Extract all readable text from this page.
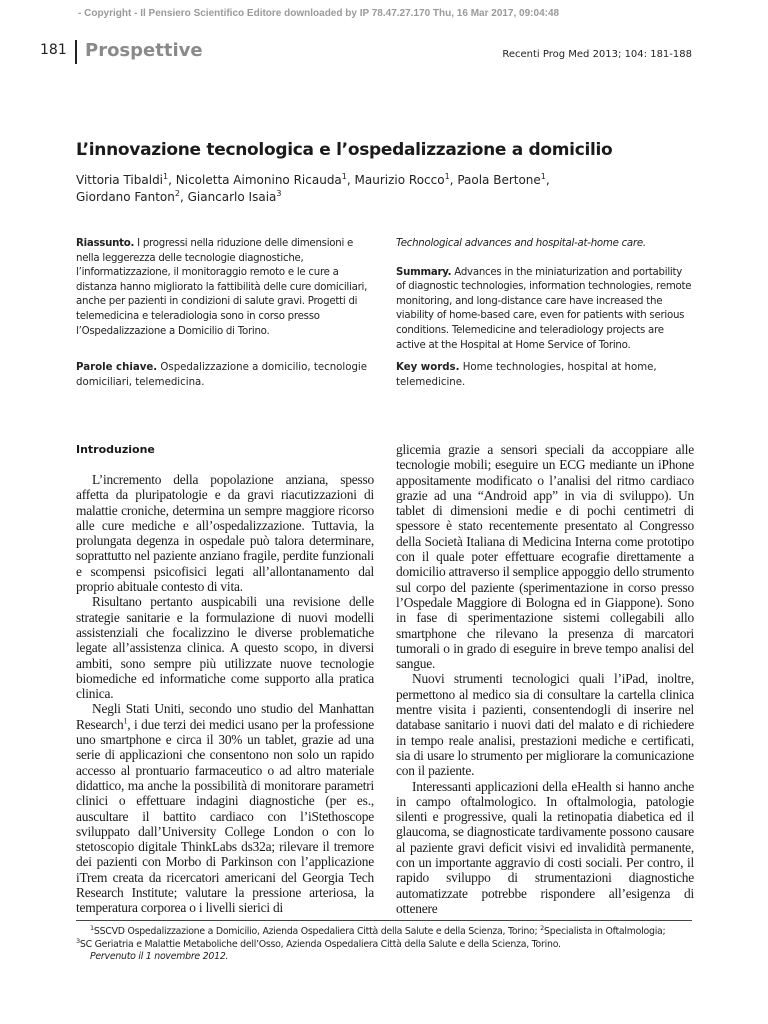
- Copyright - Il Pensiero Scientifico Editore downloaded by IP 78.47.27.170 Thu, 16 Mar 2017, 09:04:48
181 Prospettive	Recenti Prog Med 2013; 104: 181-188
L’innovazione tecnologica e l’ospedalizzazione a domicilio
Vittoria Tibaldi$^1$, Nicoletta Aimonino Ricauda$^1$, Maurizio Rocco$^1$, Paola Bertone$^1$,
Giordano Fanton$^2$, Giancarlo Isaia$^3$

Riassunto. I progressi nella riduzione delle dimensioni e nella leggerezza delle tecnologie diagnostiche, l’informatizzazione, il monitoraggio remoto e le cure a distanza hanno migliorato la fattibilità delle cure domiciliari, anche per pazienti in condizioni di salute gravi. Progetti di telemedicina e teleradiologia sono in corso presso l’Ospedalizzazione a Domicilio di Torino.

Parole chiave. Ospedalizzazione a domicilio, tecnologie domiciliari, telemedicina.

Technological advances and hospital-at-home care.

Summary. Advances in the miniaturization and portability of diagnostic technologies, information technologies, remote monitoring, and long-distance care have increased the viability of home-based care, even for patients with serious conditions. Telemedicine and teleradiology projects are active at the Hospital at Home Service of Torino.

Key words. Home technologies, hospital at home, telemedicine.

Introduzione

L’incremento della popolazione anziana, spesso affetta da pluripatologie e da gravi riacutizzazioni di malattie croniche, determina un sempre maggiore ricorso alle cure mediche e all’ospedalizzazione. Tuttavia, la prolungata degenza in ospedale può talora determinare, soprattutto nel paziente anziano fragile, perdite funzionali e scompensi psicofisici legati all’allontanamento dal proprio abituale contesto di vita.

Risultano pertanto auspicabili una revisione delle strategie sanitarie e la formulazione di nuovi modelli assistenziali che focalizzino le diverse problematiche legate all’assistenza clinica. A questo scopo, in diversi ambiti, sono sempre più utilizzate nuove tecnologie biomediche ed informatiche come supporto alla pratica clinica.

Negli Stati Uniti, secondo uno studio del Manhattan Research$^1$, i due terzi dei medici usano per la professione uno smartphone e circa il 30% un tablet, grazie ad una serie di applicazioni che consentono non solo un rapido accesso al prontuario farmaceutico o ad altro materiale didattico, ma anche la possibilità di monitorare parametri clinici o effettuare indagini diagnostiche (per es., auscultare il battito cardiaco con l’iStethoscope sviluppato dall’University College London o con lo stetoscopio digitale ThinkLabs ds32a; rilevare il tremore dei pazienti con Morbo di Parkinson con l’applicazione iTrem creata da ricercatori americani del Georgia Tech Research Institute; valutare la pressione arteriosa, la temperatura corporea o i livelli sierici di

glicemia grazie a sensori speciali da accoppiare alle tecnologie mobili; eseguire un ECG mediante un iPhone appositamente modificato o l’analisi del ritmo cardiaco grazie ad una “Android app” in via di sviluppo). Un tablet di dimensioni medie e di pochi centimetri di spessore è stato recentemente presentato al Congresso della Società Italiana di Medicina Interna come prototipo con il quale poter effettuare ecografie direttamente a domicilio attraverso il semplice appoggio dello strumento sul corpo del paziente (sperimentazione in corso presso l’Ospedale Maggiore di Bologna ed in Giappone). Sono in fase di sperimentazione sistemi collegabili allo smartphone che rilevano la presenza di marcatori tumorali o in grado di eseguire in breve tempo analisi del sangue.

Nuovi strumenti tecnologici quali l’iPad, inoltre, permettono al medico sia di consultare la cartella clinica mentre visita i pazienti, consentendogli di inserire nel database sanitario i nuovi dati del malato e di richiedere in tempo reale analisi, prestazioni mediche e certificati, sia di usare lo strumento per migliorare la comunicazione con il paziente.

Interessanti applicazioni della eHealth si hanno anche in campo oftalmologico. In oftalmologia, patologie silenti e progressive, quali la retinopatia diabetica ed il glaucoma, se diagnosticate tardivamente possono causare al paziente gravi deficit visivi ed invalidità permanente, con un importante aggravio di costi sociali. Per contro, il rapido sviluppo di strumentazioni diagnostiche automatizzate potrebbe rispondere all’esigenza di ottenere

$^1$SSCVD Ospedalizzazione a Domicilio, Azienda Ospedaliera Città della Salute e della Scienza, Torino; $^2$Specialista in Oftalmologia;

$^3$SC Geriatria e Malattie Metaboliche dell’Osso, Azienda Ospedaliera Città della Salute e della Scienza, Torino.

Pervenuto il 1 novembre 2012.
